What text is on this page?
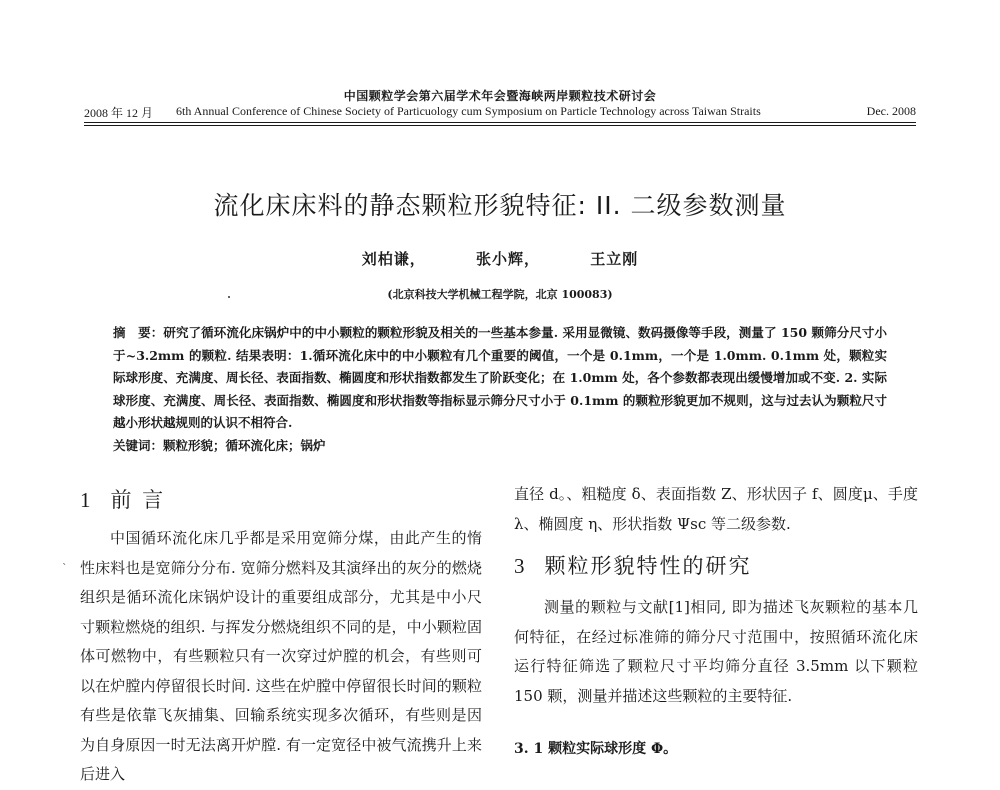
中国颗粒学会第六届学术年会暨海峡两岸颗粒技术研讨会
2008 年 12 月 6th Annual Conference of Chinese Society of Particuology cum Symposium on Particle Technology across Taiwan Straits	Dec. 2008
流化床床料的静态颗粒形貌特征: II. 二级参数测量
刘柏谦，	张小辉，	王立刚
(北京科技大学机械工程学院，北京 100083)

摘　要：研究了循环流化床锅炉中的中小颗粒的颗粒形貌及相关的一些基本参量. 采用显微镜、数码摄像等手段，测量了 150 颗筛分尺寸小于~3.2mm 的颗粒. 结果表明：1.循环流化床中的中小颗粒有几个重要的阈值，一个是 0.1mm，一个是 1.0mm. 0.1mm 处，颗粒实际球形度、充满度、周长径、表面指数、椭圆度和形状指数都发生了阶跃变化；在 1.0mm 处，各个参数都表现出缓慢增加或不变. 2. 实际球形度、充满度、周长径、表面指数、椭圆度和形状指数等指标显示筛分尺寸小于 0.1mm 的颗粒形貌更加不规则，这与过去认为颗粒尺寸越小形状越规则的认识不相符合.

关键词：颗粒形貌；循环流化床；锅炉
`
1 前 言

中国循环流化床几乎都是采用宽筛分煤，由此产生的惰性床料也是宽筛分分布. 宽筛分燃料及其演绎出的灰分的燃烧组织是循环流化床锅炉设计的重要组成部分，尤其是中小尺寸颗粒燃烧的组织. 与挥发分燃烧组织不同的是，中小颗粒固体可燃物中，有些颗粒只有一次穿过炉膛的机会，有些则可以在炉膛内停留很长时间. 这些在炉膛中停留很长时间的颗粒有些是依靠飞灰捕集、回输系统实现多次循环，有些则是因为自身原因一时无法离开炉膛. 有一定宽径中被气流携升上来后进入

直径 d。、粗糙度 δ、表面指数 Z、形状因子 f、圆度μ、手度 λ、椭圆度 η、形状指数 Ψsc 等二级参数.

3 颗粒形貌特性的研究

测量的颗粒与文献[1]相同, 即为描述飞灰颗粒的基本几何特征，在经过标准筛的筛分尺寸范围中，按照循环流化床运行特征筛选了颗粒尺寸平均筛分直径 3.5mm 以下颗粒 150 颗，测量并描述这些颗粒的主要特征.

3. 1 颗粒实际球形度 Φ。
